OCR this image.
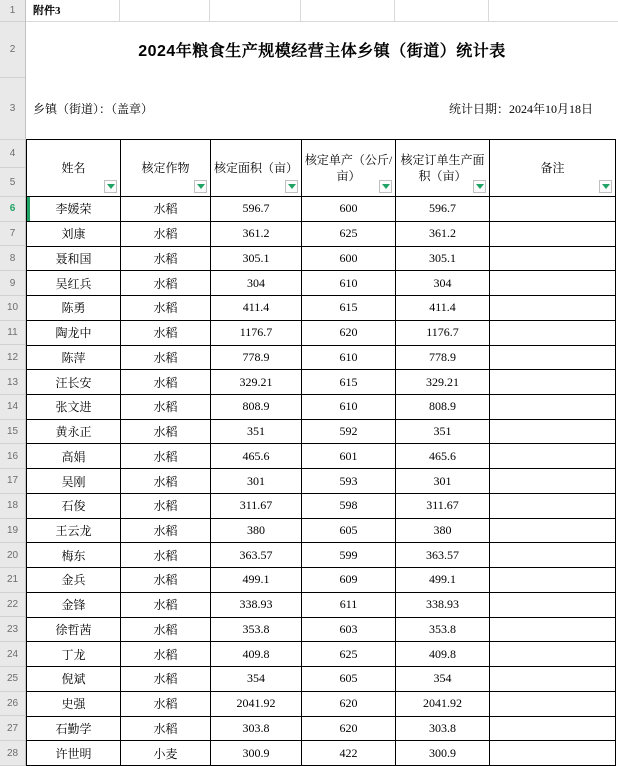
1
2
3
4
5
6
7
8
9
10
11
12
13
14
15
16
17
18
19
20
21
22
23
24
25
26
27
28
附件3
2024年粮食生产规模经营主体乡镇（街道）统计表
乡镇（街道）：（盖章）	统计日期：2024年10月18日
姓名	核定作物	核定面积（亩）	核定单产（公斤/亩）	核定订单生产面积（亩）	备注

李媛荣	水稻	596.7	600	596.7	
刘康	水稻	361.2	625	361.2	
聂和国	水稻	305.1	600	305.1	
吴红兵	水稻	304	610	304	
陈勇	水稻	411.4	615	411.4	
陶龙中	水稻	1176.7	620	1176.7	
陈萍	水稻	778.9	610	778.9	
汪长安	水稻	329.21	615	329.21	
张文进	水稻	808.9	610	808.9	
黄永正	水稻	351	592	351	
高娟	水稻	465.6	601	465.6	
吴刚	水稻	301	593	301	
石俊	水稻	311.67	598	311.67	
王云龙	水稻	380	605	380	
梅东	水稻	363.57	599	363.57	
金兵	水稻	499.1	609	499.1	
金锋	水稻	338.93	611	338.93	
徐哲茜	水稻	353.8	603	353.8	
丁龙	水稻	409.8	625	409.8	
倪斌	水稻	354	605	354	
史强	水稻	2041.92	620	2041.92	
石勤学	水稻	303.8	620	303.8	
许世明	小麦	300.9	422	300.9	
